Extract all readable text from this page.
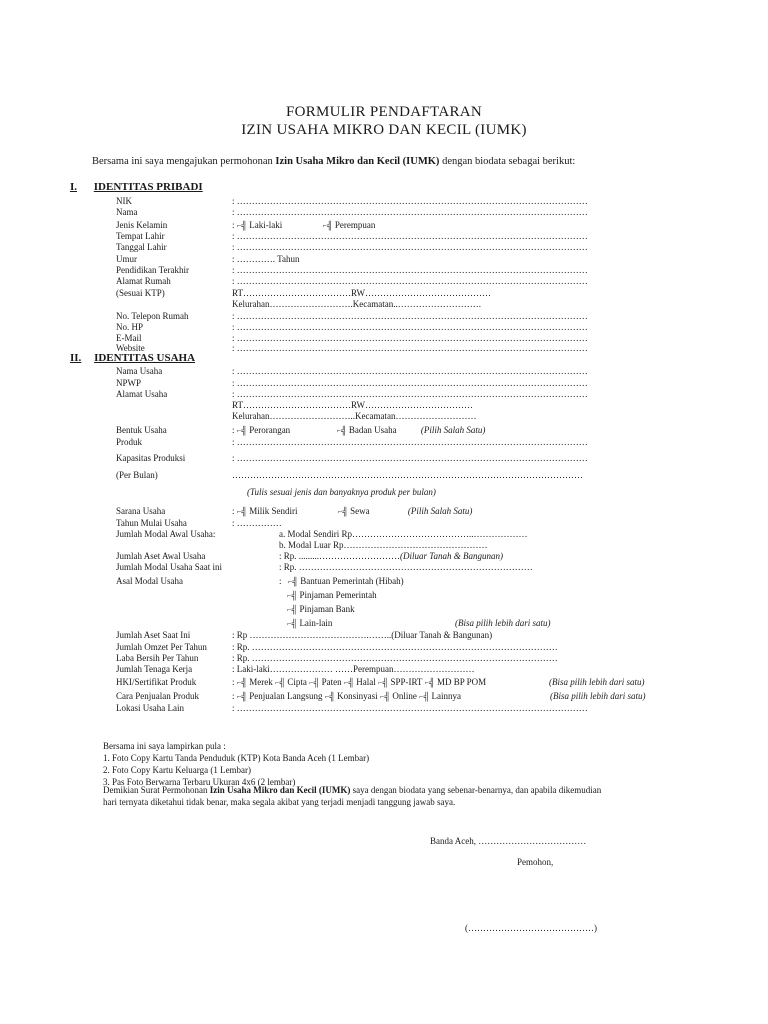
FORMULIR PENDAFTARAN
IZIN USAHA MIKRO DAN KECIL (IUMK)
Bersama ini saya mengajukan permohonan Izin Usaha Mikro dan Kecil (IUMK) dengan biodata sebagai berikut:
I. IDENTITAS PRIBADI
NIK	: ………………………………………………………………………………………………………
Nama	: ………………………………………………………………………………………………………
Jenis Kelamin	: ⌐╣ Laki-laki	⌐╣ Perempuan
Tempat Lahir	: ………………………………………………………………………………………………………
Tanggal Lahir	: ………………………………………………………………………………………………………
Umur	: …………. Tahun
Pendidikan Terakhir	: ………………………………………………………………………………………………………
Alamat Rumah	: ………………………………………………………………………………………………………
(Sesuai KTP)	RT………………………………RW……………………………………
Kelurahan……………………….Kecamatan..……………………….
No. Telepon Rumah	: ………………………………………………………………………………………………………
No. HP	: ………………………………………………………………………………………………………
E-Mail	: ………………………………………………………………………………………………………
Website	: ………………………………………………………………………………………………………
II. IDENTITAS USAHA
Nama Usaha	: ………………………………………………………………………………………………………
NPWP	: ………………………………………………………………………………………………………
Alamat Usaha	: ………………………………………………………………………………………………………
RT………………………………RW………………………………
Kelurahan………………………..Kecamatan………………………
Bentuk Usaha	: ⌐╣ Perorangan	⌐╣ Badan Usaha	(Pilih Salah Satu)
Produk	: ………………………………………………………………………………………………………
Kapasitas Produksi	: ………………………………………………………………………………………………………
(Per Bulan)	………………………………………………………………………………………………………
(Tulis sesuai jenis dan banyaknya produk per bulan)
Sarana Usaha	: ⌐╣ Milik Sendiri	⌐╣ Sewa	(Pilih Salah Satu)
Tahun Mulai Usaha	: ……………
Jumlah Modal Awal Usaha:	a. Modal Sendiri Rp…………………………………..………………
b. Modal Luar Rp…………………………………………
Jumlah Aset Awal Usaha	: Rp. .........………………………(Diluar Tanah & Bangunan)
Jumlah Modal Usaha Saat ini	: Rp. ……………………………………………………………………
Asal Modal Usaha	: ⌐╣ Bantuan Pemerintah (Hibah)
⌐╣ Pinjaman Pemerintah
⌐╣ Pinjaman Bank
⌐╣ Lain-lain	(Bisa pilih lebih dari satu)
Jumlah Aset Saat Ini	: Rp ………………………………….……..(Diluar Tanah & Bangunan)
Jumlah Omzet Per Tahun	: Rp. …………………………………………………………………………………………
Laba Bersih Per Tahun	: Rp. …………………………………………………………………………………………
Jumlah Tenaga Kerja	: Laki-laki………………… ……Perempuan………………………
HKI/Sertifikat Produk	: ⌐╣ Merek ⌐╣ Cipta ⌐╣ Paten ⌐╣ Halal ⌐╣ SPP-IRT ⌐╣ MD BP POM	(Bisa pilih lebih dari satu)
Cara Penjualan Produk	: ⌐╣ Penjualan Langsung ⌐╣ Konsinyasi ⌐╣ Online ⌐╣ Lainnya	(Bisa pilih lebih dari satu)
Lokasi Usaha Lain	: ………………………………………………………………………………………………………
Bersama ini saya lampirkan pula :
1. Foto Copy Kartu Tanda Penduduk (KTP) Kota Banda Aceh (1 Lembar)
2. Foto Copy Kartu Keluarga (1 Lembar)
3. Pas Foto Berwarna Terbaru Ukuran 4x6 (2 lembar)
Demikian Surat Permohonan Izin Usaha Mikro dan Kecil (IUMK) saya dengan biodata yang sebenar-benarnya, dan apabila dikemudian
hari ternyata diketahui tidak benar, maka segala akibat yang terjadi menjadi tanggung jawab saya.
Banda Aceh, ………………………………
Pemohon,
(……………………………………)
